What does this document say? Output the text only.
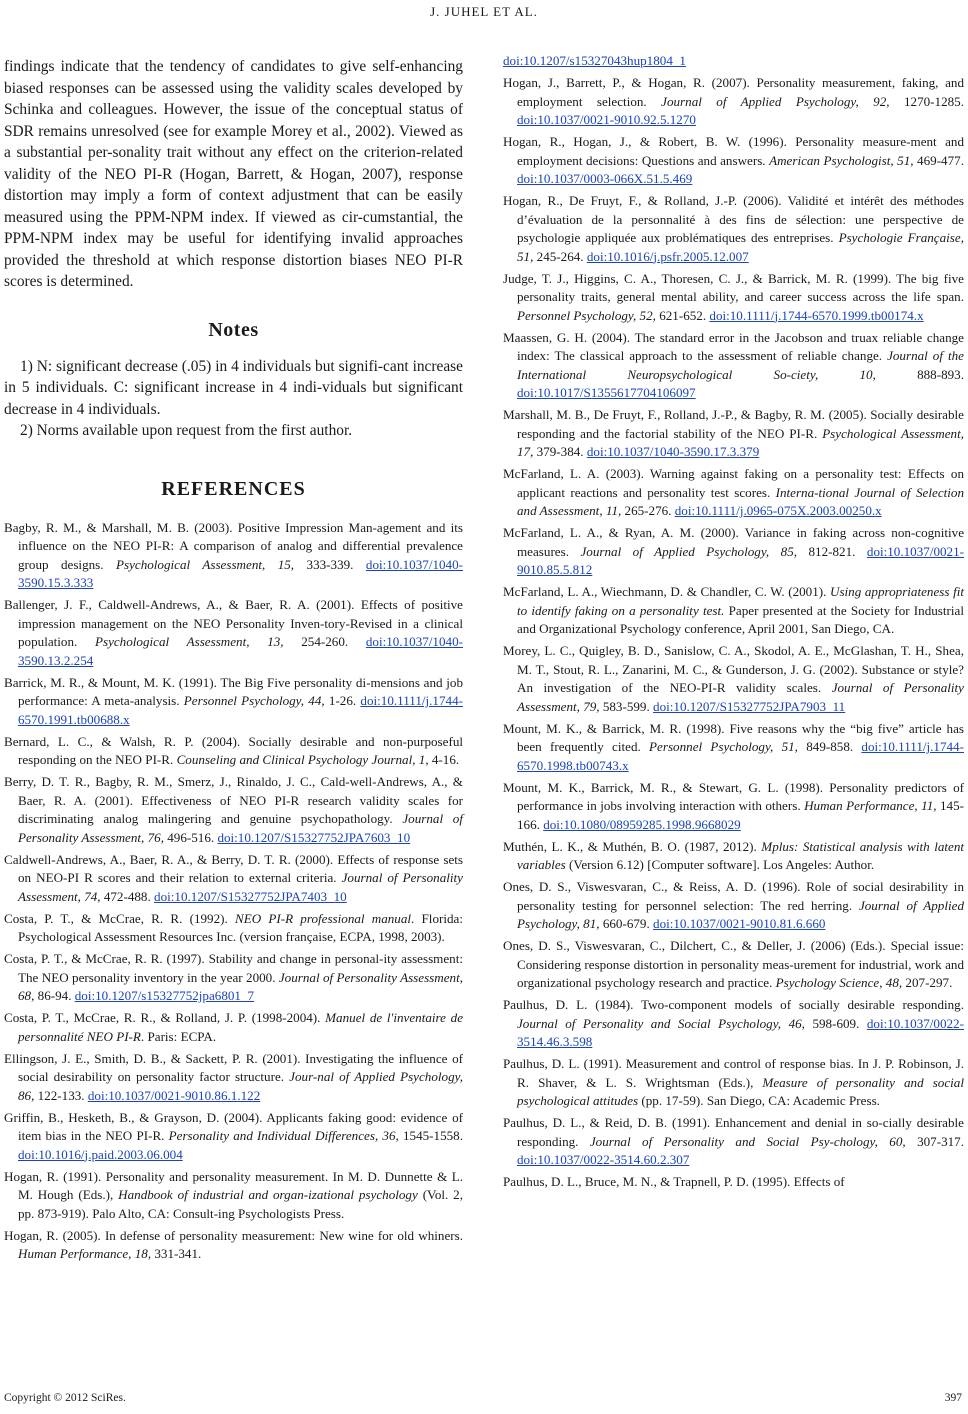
J. JUHEL ET AL.

findings indicate that the tendency of candidates to give self-enhancing biased responses can be assessed using the validity scales developed by Schinka and colleagues. However, the issue of the conceptual status of SDR remains unresolved (see for example Morey et al., 2002). Viewed as a substantial per-sonality trait without any effect on the criterion-related validity of the NEO PI-R (Hogan, Barrett, & Hogan, 2007), response distortion may imply a form of context adjustment that can be easily measured using the PPM-NPM index. If viewed as cir-cumstantial, the PPM-NPM index may be useful for identifying invalid approaches provided the threshold at which response distortion biases NEO PI-R scores is determined.

Notes

1) N: significant decrease (.05) in 4 individuals but signifi-cant increase in 5 individuals. C: significant increase in 4 indi-viduals but significant decrease in 4 individuals.

2) Norms available upon request from the first author.

REFERENCES

Bagby, R. M., & Marshall, M. B. (2003). Positive Impression Man-agement and its influence on the NEO PI-R: A comparison of analog and differential prevalence group designs. Psychological Assessment, 15, 333-339. doi:10.1037/1040-3590.15.3.333

Ballenger, J. F., Caldwell-Andrews, A., & Baer, R. A. (2001). Effects of positive impression management on the NEO Personality Inven-tory-Revised in a clinical population. Psychological Assessment, 13, 254-260. doi:10.1037/1040-3590.13.2.254

Barrick, M. R., & Mount, M. K. (1991). The Big Five personality di-mensions and job performance: A meta-analysis. Personnel Psychology, 44, 1-26. doi:10.1111/j.1744-6570.1991.tb00688.x

Bernard, L. C., & Walsh, R. P. (2004). Socially desirable and non-purposeful responding on the NEO PI-R. Counseling and Clinical Psychology Journal, 1, 4-16.

Berry, D. T. R., Bagby, R. M., Smerz, J., Rinaldo, J. C., Cald-well-Andrews, A., & Baer, R. A. (2001). Effectiveness of NEO PI-R research validity scales for discriminating analog malingering and genuine psychopathology. Journal of Personality Assessment, 76, 496-516. doi:10.1207/S15327752JPA7603_10

Caldwell-Andrews, A., Baer, R. A., & Berry, D. T. R. (2000). Effects of response sets on NEO-PI R scores and their relation to external criteria. Journal of Personality Assessment, 74, 472-488. doi:10.1207/S15327752JPA7403_10

Costa, P. T., & McCrae, R. R. (1992). NEO PI-R professional manual. Florida: Psychological Assessment Resources Inc. (version française, ECPA, 1998, 2003).

Costa, P. T., & McCrae, R. R. (1997). Stability and change in personal-ity assessment: The NEO personality inventory in the year 2000. Journal of Personality Assessment, 68, 86-94. doi:10.1207/s15327752jpa6801_7

Costa, P. T., McCrae, R. R., & Rolland, J. P. (1998-2004). Manuel de l'inventaire de personnalité NEO PI-R. Paris: ECPA.

Ellingson, J. E., Smith, D. B., & Sackett, P. R. (2001). Investigating the influence of social desirability on personality factor structure. Jour-nal of Applied Psychology, 86, 122-133. doi:10.1037/0021-9010.86.1.122

Griffin, B., Hesketh, B., & Grayson, D. (2004). Applicants faking good: evidence of item bias in the NEO PI-R. Personality and Individual Differences, 36, 1545-1558. doi:10.1016/j.paid.2003.06.004

Hogan, R. (1991). Personality and personality measurement. In M. D. Dunnette & L. M. Hough (Eds.), Handbook of industrial and organ-izational psychology (Vol. 2, pp. 873-919). Palo Alto, CA: Consult-ing Psychologists Press.

Hogan, R. (2005). In defense of personality measurement: New wine for old whiners. Human Performance, 18, 331-341.

doi:10.1207/s15327043hup1804_1

Hogan, J., Barrett, P., & Hogan, R. (2007). Personality measurement, faking, and employment selection. Journal of Applied Psychology, 92, 1270-1285. doi:10.1037/0021-9010.92.5.1270

Hogan, R., Hogan, J., & Robert, B. W. (1996). Personality measure-ment and employment decisions: Questions and answers. American Psychologist, 51, 469-477. doi:10.1037/0003-066X.51.5.469

Hogan, R., De Fruyt, F., & Rolland, J.-P. (2006). Validité et intérêt des méthodes d’évaluation de la personnalité à des fins de sélection: une perspective de psychologie appliquée aux problématiques des entreprises. Psychologie Française, 51, 245-264. doi:10.1016/j.psfr.2005.12.007

Judge, T. J., Higgins, C. A., Thoresen, C. J., & Barrick, M. R. (1999). The big five personality traits, general mental ability, and career success across the life span. Personnel Psychology, 52, 621-652. doi:10.1111/j.1744-6570.1999.tb00174.x

Maassen, G. H. (2004). The standard error in the Jacobson and truax reliable change index: The classical approach to the assessment of reliable change. Journal of the International Neuropsychological So-ciety, 10, 888-893. doi:10.1017/S1355617704106097

Marshall, M. B., De Fruyt, F., Rolland, J.-P., & Bagby, R. M. (2005). Socially desirable responding and the factorial stability of the NEO PI-R. Psychological Assessment, 17, 379-384. doi:10.1037/1040-3590.17.3.379

McFarland, L. A. (2003). Warning against faking on a personality test: Effects on applicant reactions and personality test scores. Interna-tional Journal of Selection and Assessment, 11, 265-276. doi:10.1111/j.0965-075X.2003.00250.x

McFarland, L. A., & Ryan, A. M. (2000). Variance in faking across non-cognitive measures. Journal of Applied Psychology, 85, 812-821. doi:10.1037/0021-9010.85.5.812

McFarland, L. A., Wiechmann, D. & Chandler, C. W. (2001). Using appropriateness fit to identify faking on a personality test. Paper presented at the Society for Industrial and Organizational Psychology conference, April 2001, San Diego, CA.

Morey, L. C., Quigley, B. D., Sanislow, C. A., Skodol, A. E., McGlashan, T. H., Shea, M. T., Stout, R. L., Zanarini, M. C., & Gunderson, J. G. (2002). Substance or style? An investigation of the NEO-PI-R validity scales. Journal of Personality Assessment, 79, 583-599. doi:10.1207/S15327752JPA7903_11

Mount, M. K., & Barrick, M. R. (1998). Five reasons why the “big five” article has been frequently cited. Personnel Psychology, 51, 849-858. doi:10.1111/j.1744-6570.1998.tb00743.x

Mount, M. K., Barrick, M. R., & Stewart, G. L. (1998). Personality predictors of performance in jobs involving interaction with others. Human Performance, 11, 145-166. doi:10.1080/08959285.1998.9668029

Muthén, L. K., & Muthén, B. O. (1987, 2012). Mplus: Statistical analysis with latent variables (Version 6.12) [Computer software]. Los Angeles: Author.

Ones, D. S., Viswesvaran, C., & Reiss, A. D. (1996). Role of social desirability in personality testing for personnel selection: The red herring. Journal of Applied Psychology, 81, 660-679. doi:10.1037/0021-9010.81.6.660

Ones, D. S., Viswesvaran, C., Dilchert, C., & Deller, J. (2006) (Eds.). Special issue: Considering response distortion in personality meas-urement for industrial, work and organizational psychology research and practice. Psychology Science, 48, 207-297.

Paulhus, D. L. (1984). Two-component models of socially desirable responding. Journal of Personality and Social Psychology, 46, 598-609. doi:10.1037/0022-3514.46.3.598

Paulhus, D. L. (1991). Measurement and control of response bias. In J. P. Robinson, J. R. Shaver, & L. S. Wrightsman (Eds.), Measure of personality and social psychological attitudes (pp. 17-59). San Diego, CA: Academic Press.

Paulhus, D. L., & Reid, D. B. (1991). Enhancement and denial in so-cially desirable responding. Journal of Personality and Social Psy-chology, 60, 307-317. doi:10.1037/0022-3514.60.2.307

Paulhus, D. L., Bruce, M. N., & Trapnell, P. D. (1995). Effects of

Copyright © 2012 SciRes.	397
